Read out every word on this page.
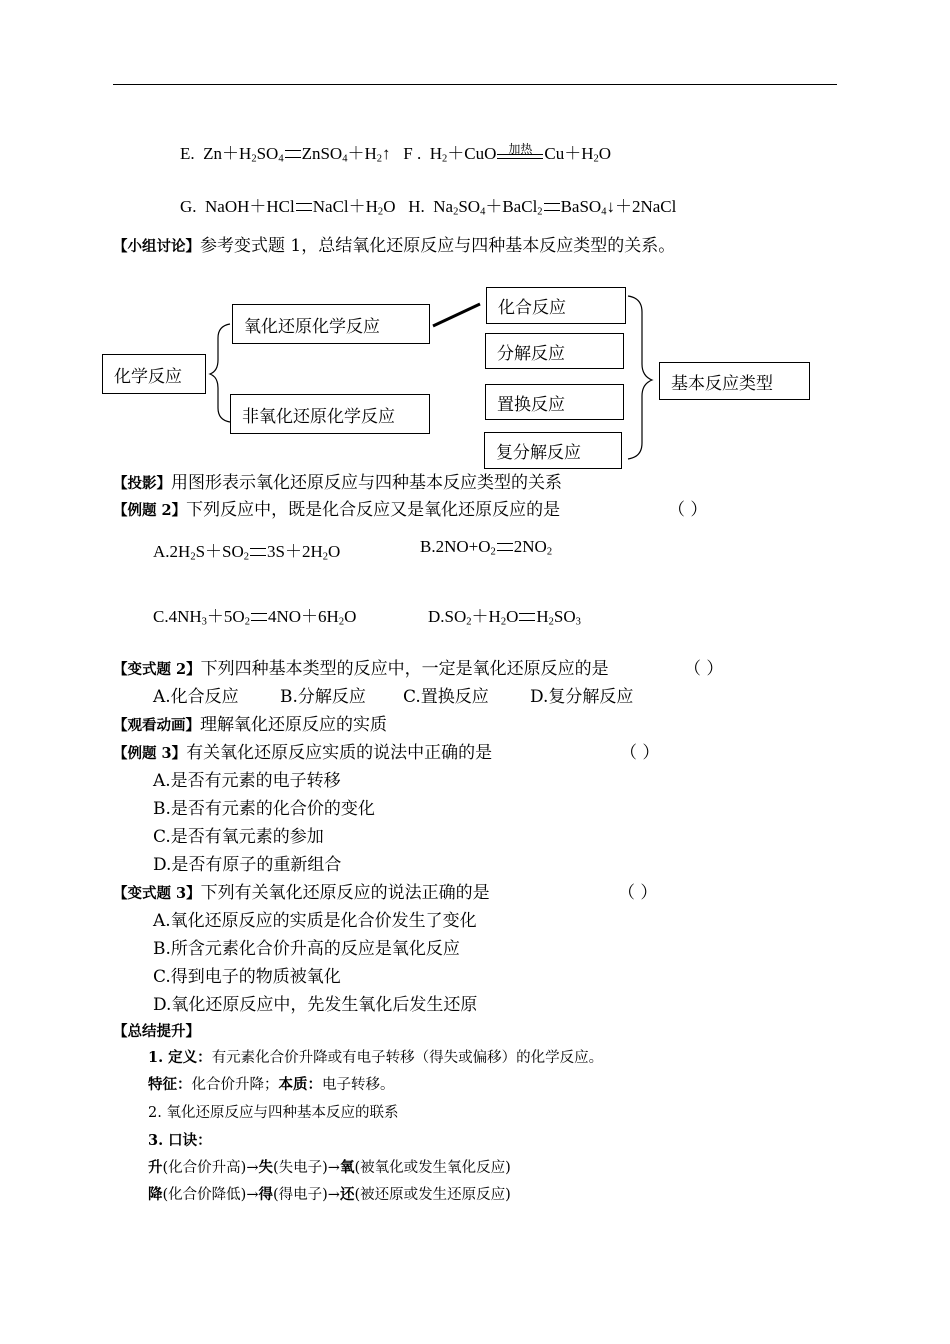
E. $Zn+H_2SO_4$ $ZnSO_4+H_2↑$ F . $H_2+CuO$ 加热 $Cu+H_2O$
G. NaOH＋HCl $NaCl+H_2O$ H. $Na_2SO_4+BaCl_2$ BaSO$_4$↓＋2NaCl
【小组讨论】参考变式题 1，总结氧化还原反应与四种基本反应类型的关系。
化学反应
氧化还原化学反应
非氧化还原化学反应
化合反应
分解反应
置换反应
复分解反应
基本反应类型
【投影】用图形表示氧化还原反应与四种基本反应类型的关系
【例题 2】下列反应中，既是化合反应又是氧化还原反应的是	（ ）
$A.2H_2S+SO_2$ $3S+2H_2O$	$B.2NO+O_2$ $2NO_2$
$C.4NH_3+5O_2$ $4NO+6H_2O$	$D.SO_2+H_2O$ $H_2SO_3$
【变式题 2】下列四种基本类型的反应中，一定是氧化还原反应的是	（ ）
A.化合反应 B.分解反应 C.置换反应 D.复分解反应
【观看动画】理解氧化还原反应的实质
【例题 3】有关氧化还原反应实质的说法中正确的是	（ ）
A.是否有元素的电子转移
B.是否有元素的化合价的变化
C.是否有氧元素的参加
D.是否有原子的重新组合
【变式题 3】下列有关氧化还原反应的说法正确的是	（ ）
A.氧化还原反应的实质是化合价发生了变化
B.所含元素化合价升高的反应是氧化反应
C.得到电子的物质被氧化
D.氧化还原反应中，先发生氧化后发生还原
【总结提升】
1. 定义：有元素化合价升降或有电子转移（得失或偏移）的化学反应。
特征：化合价升降；本质：电子转移。
2. 氧化还原反应与四种基本反应的联系
3. 口诀：
升(化合价升高)→失(失电子)→氧(被氧化或发生氧化反应)
降(化合价降低)→得(得电子)→还(被还原或发生还原反应)
